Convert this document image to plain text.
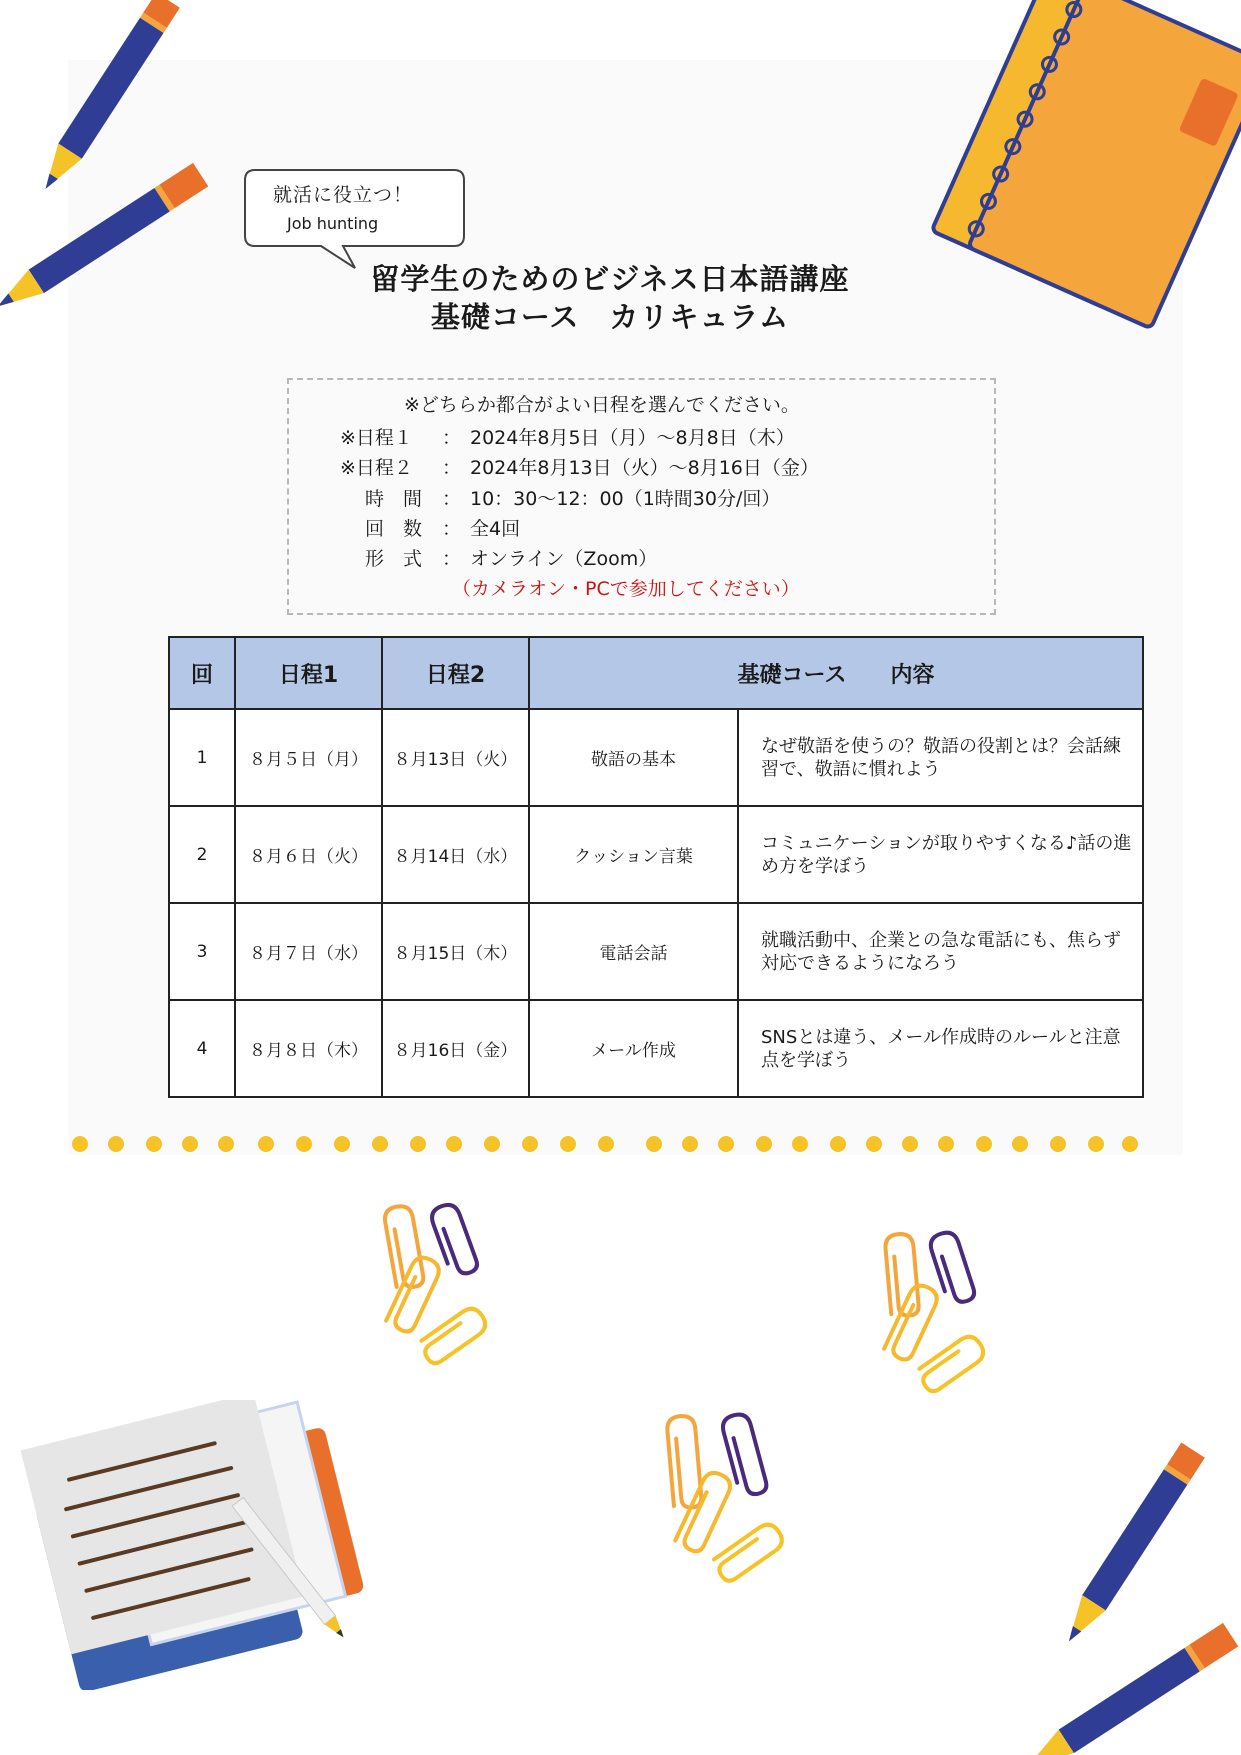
就活に役立つ！
Job hunting
留学生のためのビジネス日本語講座
基礎コース　カリキュラム
※どちらか都合がよい日程を選んでください。
※日程１	： 2024年8月5日（月）～8月8日（木）
※日程２	： 2024年8月13日（火）～8月16日（金）
時　間	： 10：30～12：00（1時間30分/回）
回　数	： 全4回
形　式	： オンライン（Zoom）
（カメラオン・PCで参加してください）
回	日程1	日程2	基礎コース　　内容	
1	８月５日（月）	８月13日（火）	敬語の基本	なぜ敬語を使うの？敬語の役割とは？会話練習で、敬語に慣れよう
2	８月６日（火）	８月14日（水）	クッション言葉	コミュニケーションが取りやすくなる♪話の進め方を学ぼう
3	８月７日（水）	８月15日（木）	電話会話	就職活動中、企業との急な電話にも、焦らず対応できるようになろう
4	８月８日（木）	８月16日（金）	メール作成	SNSとは違う、メール作成時のルールと注意点を学ぼう
